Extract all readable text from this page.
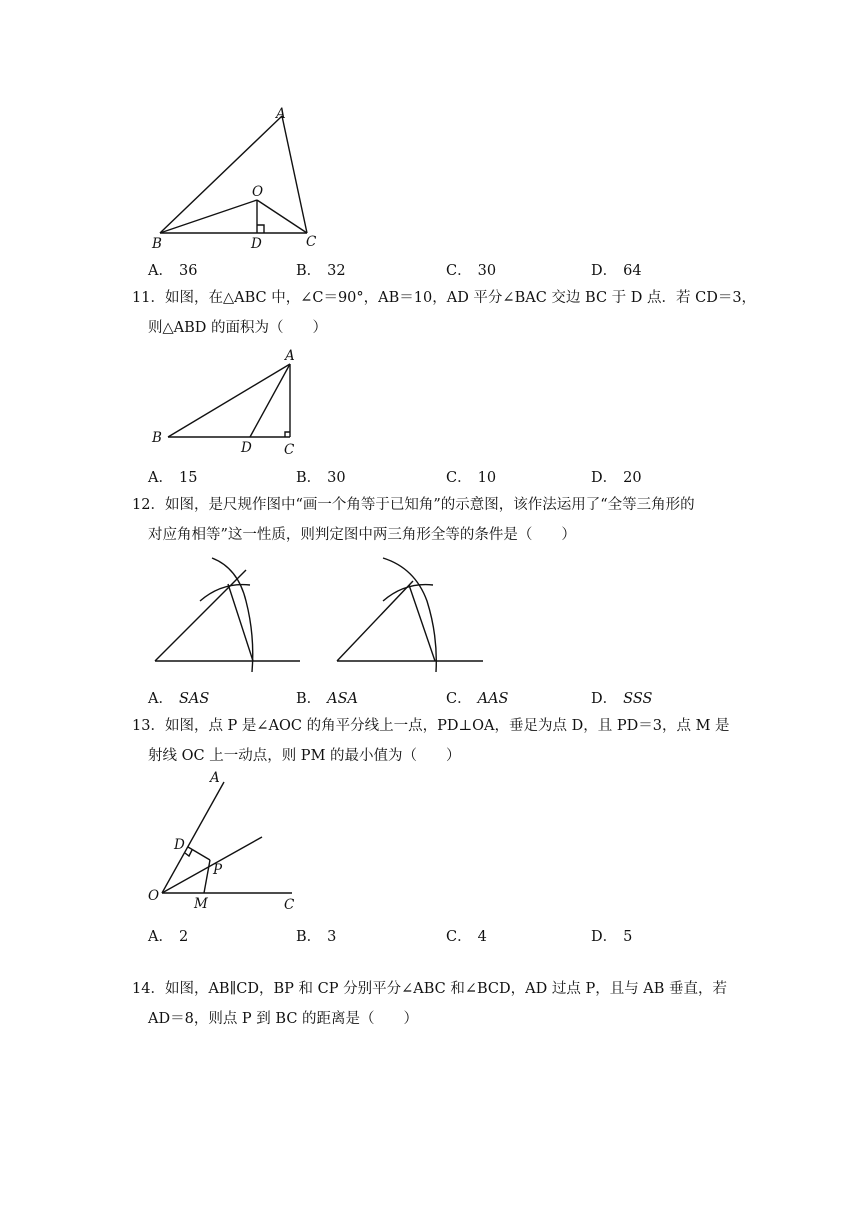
A
O
B	D	C
A． 36	B． 32	C． 30	D． 64
11．如图，在△ABC 中，∠C＝90°，AB＝10，AD 平分∠BAC 交边 BC 于 D 点．若 CD＝3，
则△ABD 的面积为（　　）
A
B
D C
A． 15	B． 30	C． 10	D． 20
12．如图，是尺规作图中“画一个角等于已知角”的示意图，该作法运用了“全等三角形的
对应角相等”这一性质，则判定图中两三角形全等的条件是（　　）
A． SAS	B． ASA	C． AAS	D． SSS
13．如图，点 P 是∠AOC 的角平分线上一点，PD⊥OA，垂足为点 D，且 PD＝3，点 M 是
射线 OC 上一动点，则 PM 的最小值为（　　）
A
D
P
O	M	C
A． 2	B． 3	C． 4	D． 5
14．如图，AB∥CD，BP 和 CP 分别平分∠ABC 和∠BCD，AD 过点 P，且与 AB 垂直，若
AD＝8，则点 P 到 BC 的距离是（　　）
